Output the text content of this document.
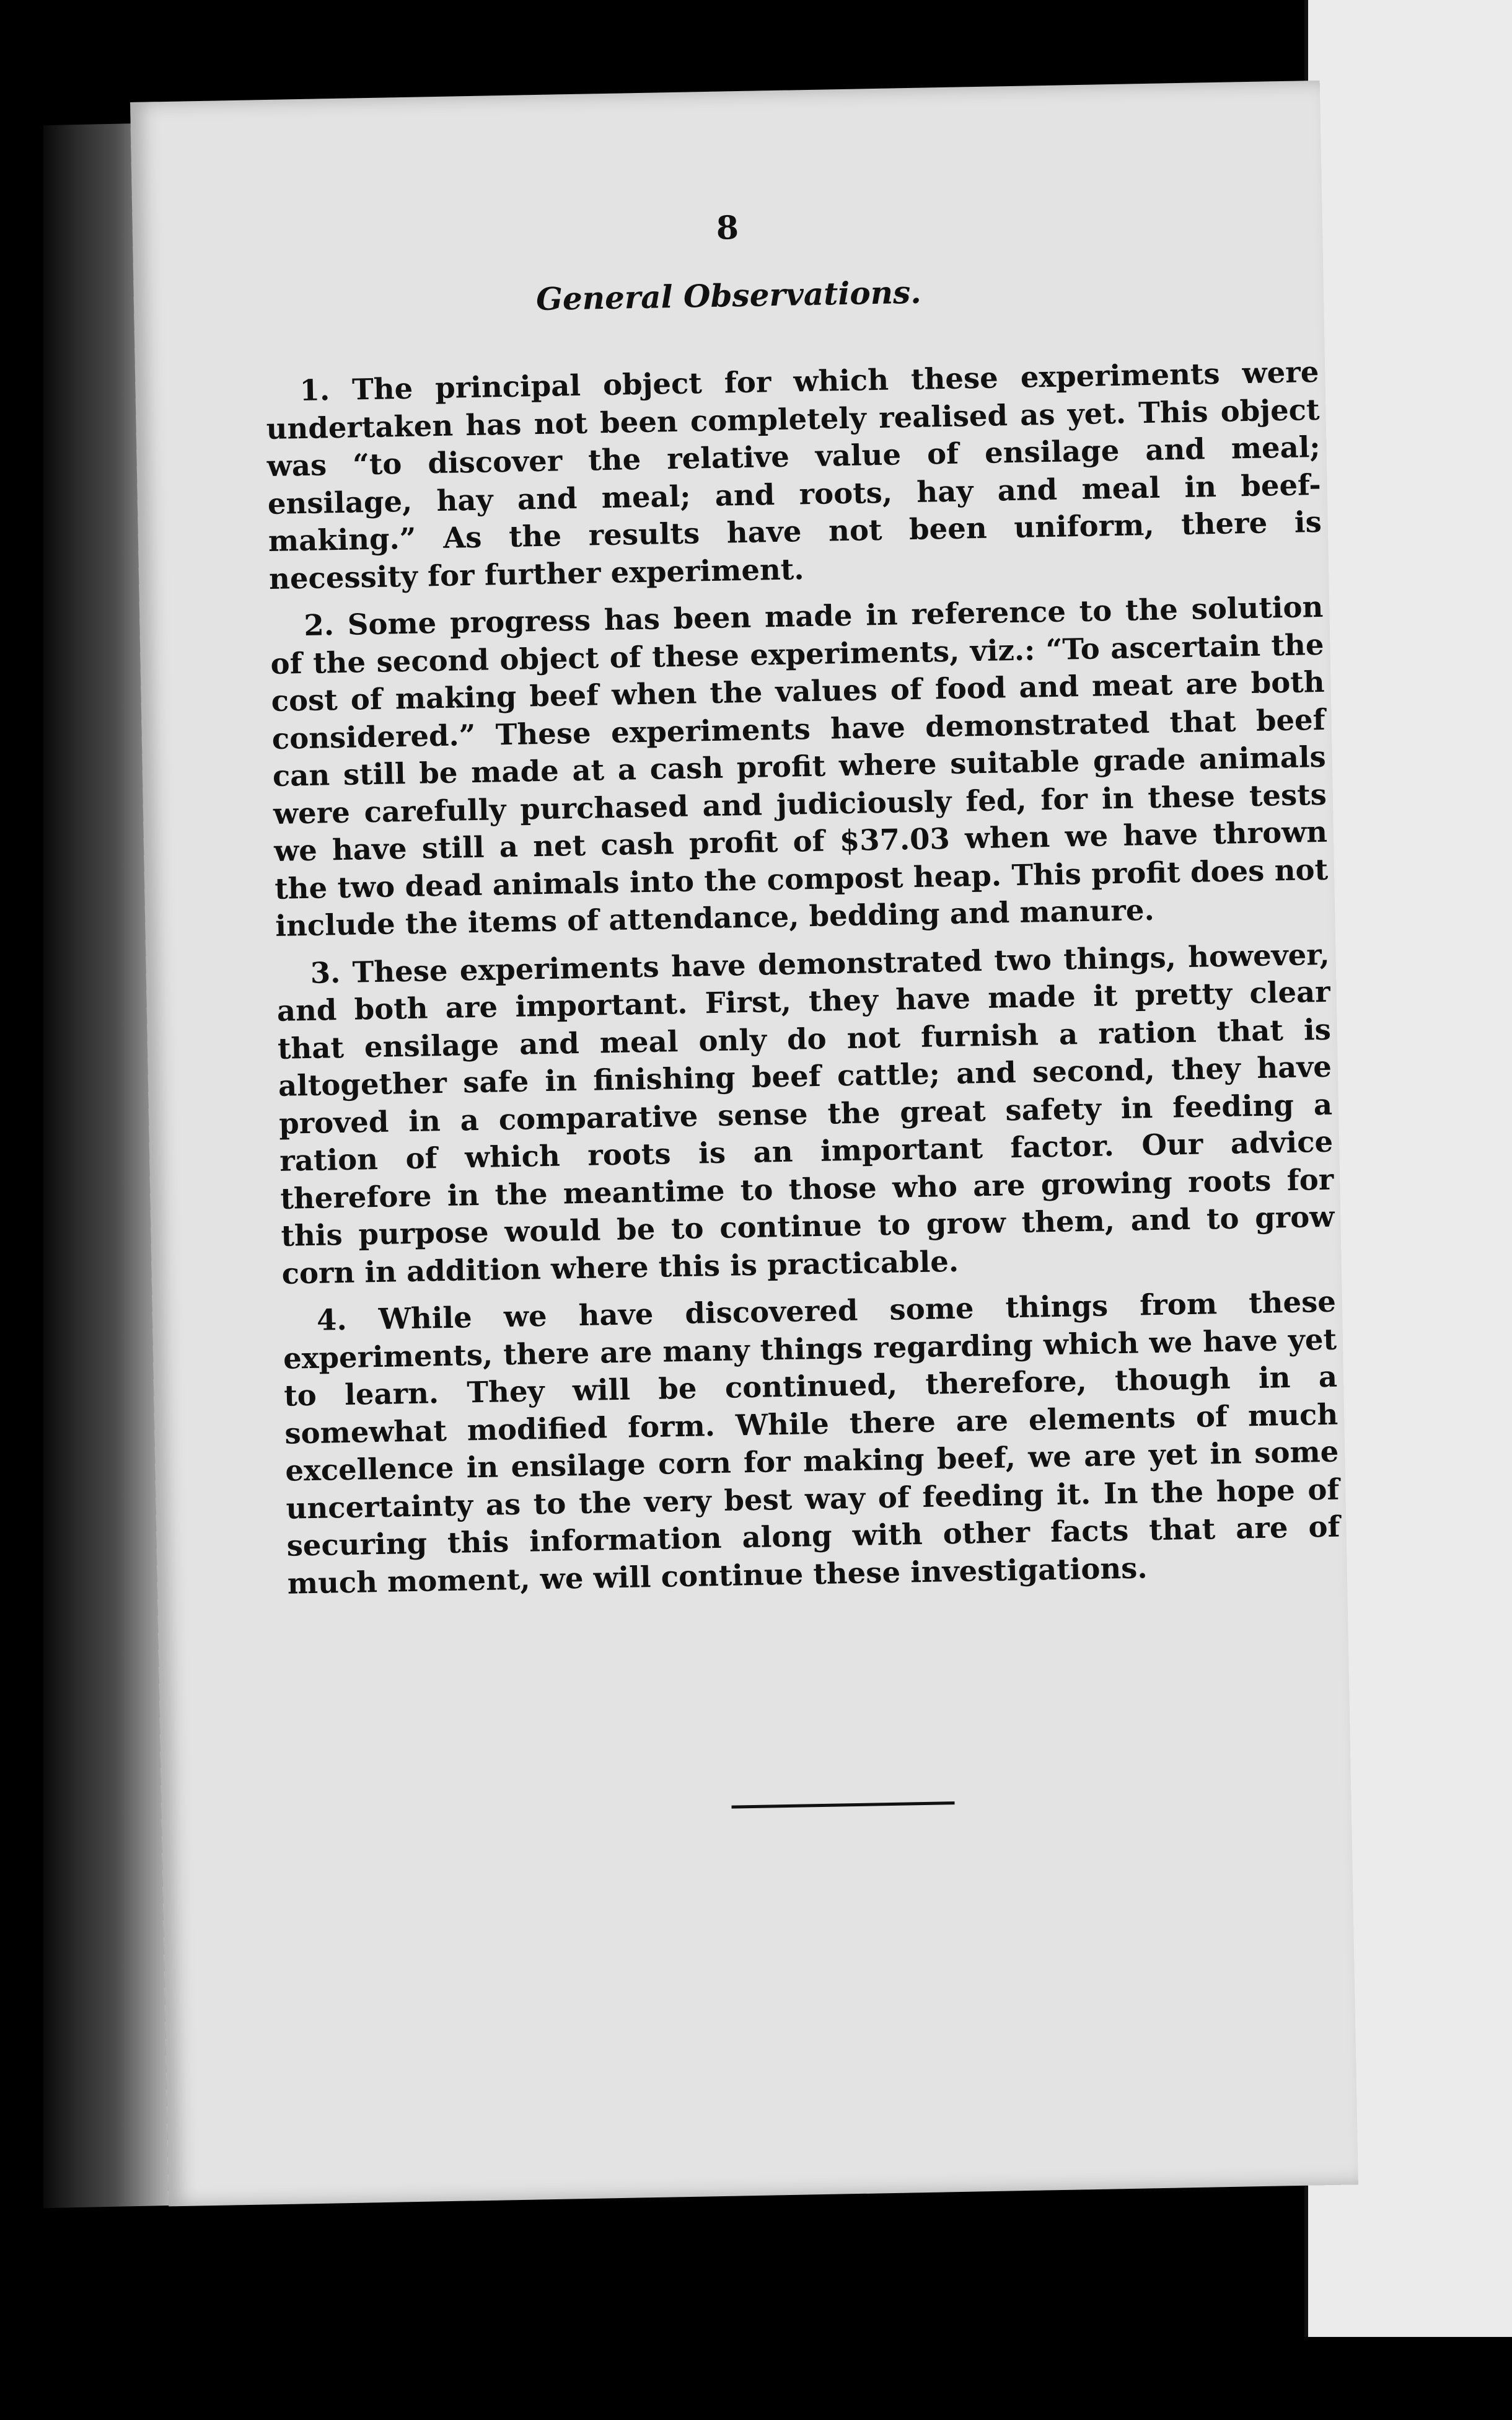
8
General Observations.

1. The principal object for which these experiments were undertaken has not been completely realised as yet. This object was “to discover the relative value of ensilage and meal; ensilage, hay and meal; and roots, hay and meal in beef-making.” As the results have not been uniform, there is necessity for further experiment.

2. Some progress has been made in reference to the solution of the second object of these experiments, viz.: “To ascertain the cost of making beef when the values of food and meat are both considered.” These experiments have demonstrated that beef can still be made at a cash profit where suitable grade animals were carefully purchased and judiciously fed, for in these tests we have still a net cash profit of $37.03 when we have thrown the two dead animals into the compost heap. This profit does not include the items of attendance, bedding and manure.

3. These experiments have demonstrated two things, however, and both are important. First, they have made it pretty clear that ensilage and meal only do not furnish a ration that is altogether safe in finishing beef cattle; and second, they have proved in a comparative sense the great safety in feeding a ration of which roots is an important factor. Our advice therefore in the meantime to those who are growing roots for this purpose would be to continue to grow them, and to grow corn in addition where this is practicable.

4. While we have discovered some things from these experiments, there are many things regarding which we have yet to learn. They will be continued, therefore, though in a somewhat modified form. While there are elements of much excellence in ensilage corn for making beef, we are yet in some uncertainty as to the very best way of feeding it. In the hope of securing this information along with other facts that are of much moment, we will continue these investigations.
